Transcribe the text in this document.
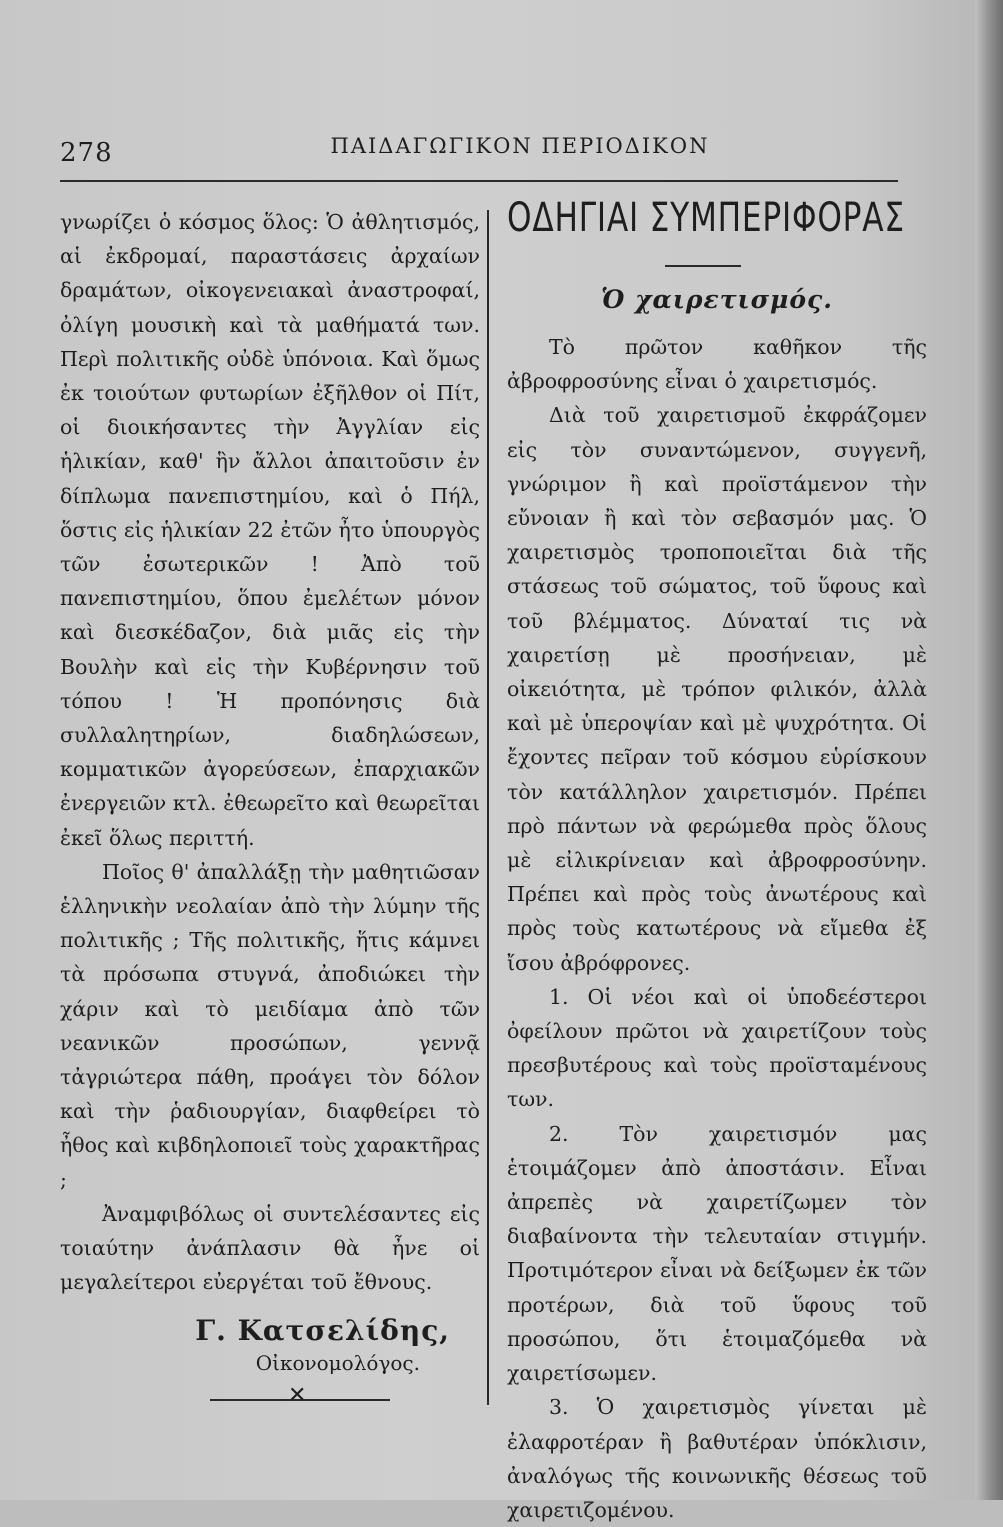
278	ΠΑΙΔΑΓΩΓΙΚΟΝ ΠΕΡΙΟΔΙΚΟΝ

γνωρίζει ὁ κόσμος ὅλος: Ὁ ἀθλητισμός, αἱ ἐκδρομαί, παραστάσεις ἀρχαίων δραμάτων, οἰκογενειακαὶ ἀναστροφαί, ὀλίγη μουσικὴ καὶ τὰ μαθήματά των. Περὶ πολιτικῆς οὐδὲ ὑπόνοια. Καὶ ὅμως ἐκ τοιούτων φυτωρίων ἐξῆλθον οἱ Πίτ, οἱ διοικήσαντες τὴν Ἀγγλίαν εἰς ἡλικίαν, καθ' ἣν ἄλλοι ἀπαιτοῦσιν ἐν δίπλωμα πανεπιστημίου, καὶ ὁ Πήλ, ὅστις εἰς ἡλικίαν 22 ἐτῶν ἦτο ὑπουργὸς τῶν ἐσωτερικῶν ! Ἀπὸ τοῦ πανεπιστημίου, ὅπου ἐμελέτων μόνον καὶ διεσκέδαζον, διὰ μιᾶς εἰς τὴν Βουλὴν καὶ εἰς τὴν Κυβέρνησιν τοῦ τόπου ! Ἡ προπόνησις διὰ συλλαλητηρίων, διαδηλώσεων, κομματικῶν ἀγορεύσεων, ἐπαρχιακῶν ἐνεργειῶν κτλ. ἐθεωρεῖτο καὶ θεωρεῖται ἐκεῖ ὅλως περιττή.

Ποῖος θ' ἀπαλλάξῃ τὴν μαθητιῶσαν ἑλληνικὴν νεολαίαν ἀπὸ τὴν λύμην τῆς πολιτικῆς ; Τῆς πολιτικῆς, ἥτις κάμνει τὰ πρόσωπα στυγνά, ἀποδιώκει τὴν χάριν καὶ τὸ μειδίαμα ἀπὸ τῶν νεανικῶν προσώπων, γεννᾷ τἀγριώτερα πάθη, προάγει τὸν δόλον καὶ τὴν ῥαδιουργίαν, διαφθείρει τὸ ἦθος καὶ κιβδηλοποιεῖ τοὺς χαρακτῆρας ;

Ἀναμφιβόλως οἱ συντελέσαντες εἰς τοιαύτην ἀνάπλασιν θὰ ἦνε οἱ μεγαλείτεροι εὐεργέται τοῦ ἔθνους.

Γ. Κατσελίδης,

Οἰκονομολόγος.

✕
ΟΔΗΓΙΑΙ ΣΥΜΠΕΡΙΦΟΡΑΣ

Ὁ χαιρετισμός.

Τὸ πρῶτον καθῆκον τῆς ἀβροφροσύνης εἶναι ὁ χαιρετισμός.

Διὰ τοῦ χαιρετισμοῦ ἐκφράζομεν εἰς τὸν συναντώμενον, συγγενῆ, γνώριμον ἢ καὶ προϊστάμενον τὴν εὔνοιαν ἢ καὶ τὸν σεβασμόν μας. Ὁ χαιρετισμὸς τροποποιεῖται διὰ τῆς στάσεως τοῦ σώματος, τοῦ ὕφους καὶ τοῦ βλέμματος. Δύναταί τις νὰ χαιρετίσῃ μὲ προσήνειαν, μὲ οἰκειότητα, μὲ τρόπον φιλικόν, ἀλλὰ καὶ μὲ ὑπεροψίαν καὶ μὲ ψυχρότητα. Οἱ ἔχοντες πεῖραν τοῦ κόσμου εὑρίσκουν τὸν κατάλληλον χαιρετισμόν. Πρέπει πρὸ πάντων νὰ φερώμεθα πρὸς ὅλους μὲ εἰλικρίνειαν καὶ ἀβροφροσύνην. Πρέπει καὶ πρὸς τοὺς ἀνωτέρους καὶ πρὸς τοὺς κατωτέρους νὰ εἴμεθα ἐξ ἴσου ἀβρόφρονες.

1. Οἱ νέοι καὶ οἱ ὑποδεέστεροι ὀφείλουν πρῶτοι νὰ χαιρετίζουν τοὺς πρεσβυτέρους καὶ τοὺς προϊσταμένους των.

2. Τὸν χαιρετισμόν μας ἑτοιμάζομεν ἀπὸ ἀποστάσιν. Εἶναι ἀπρεπὲς νὰ χαιρετίζωμεν τὸν διαβαίνοντα τὴν τελευταίαν στιγμήν. Προτιμότερον εἶναι νὰ δείξωμεν ἐκ τῶν προτέρων, διὰ τοῦ ὕφους τοῦ προσώπου, ὅτι ἑτοιμαζόμεθα νὰ χαιρετίσωμεν.

3. Ὁ χαιρετισμὸς γίνεται μὲ ἐλαφροτέραν ἢ βαθυτέραν ὑπόκλισιν, ἀναλόγως τῆς κοινωνικῆς θέσεως τοῦ χαιρετιζομένου.
